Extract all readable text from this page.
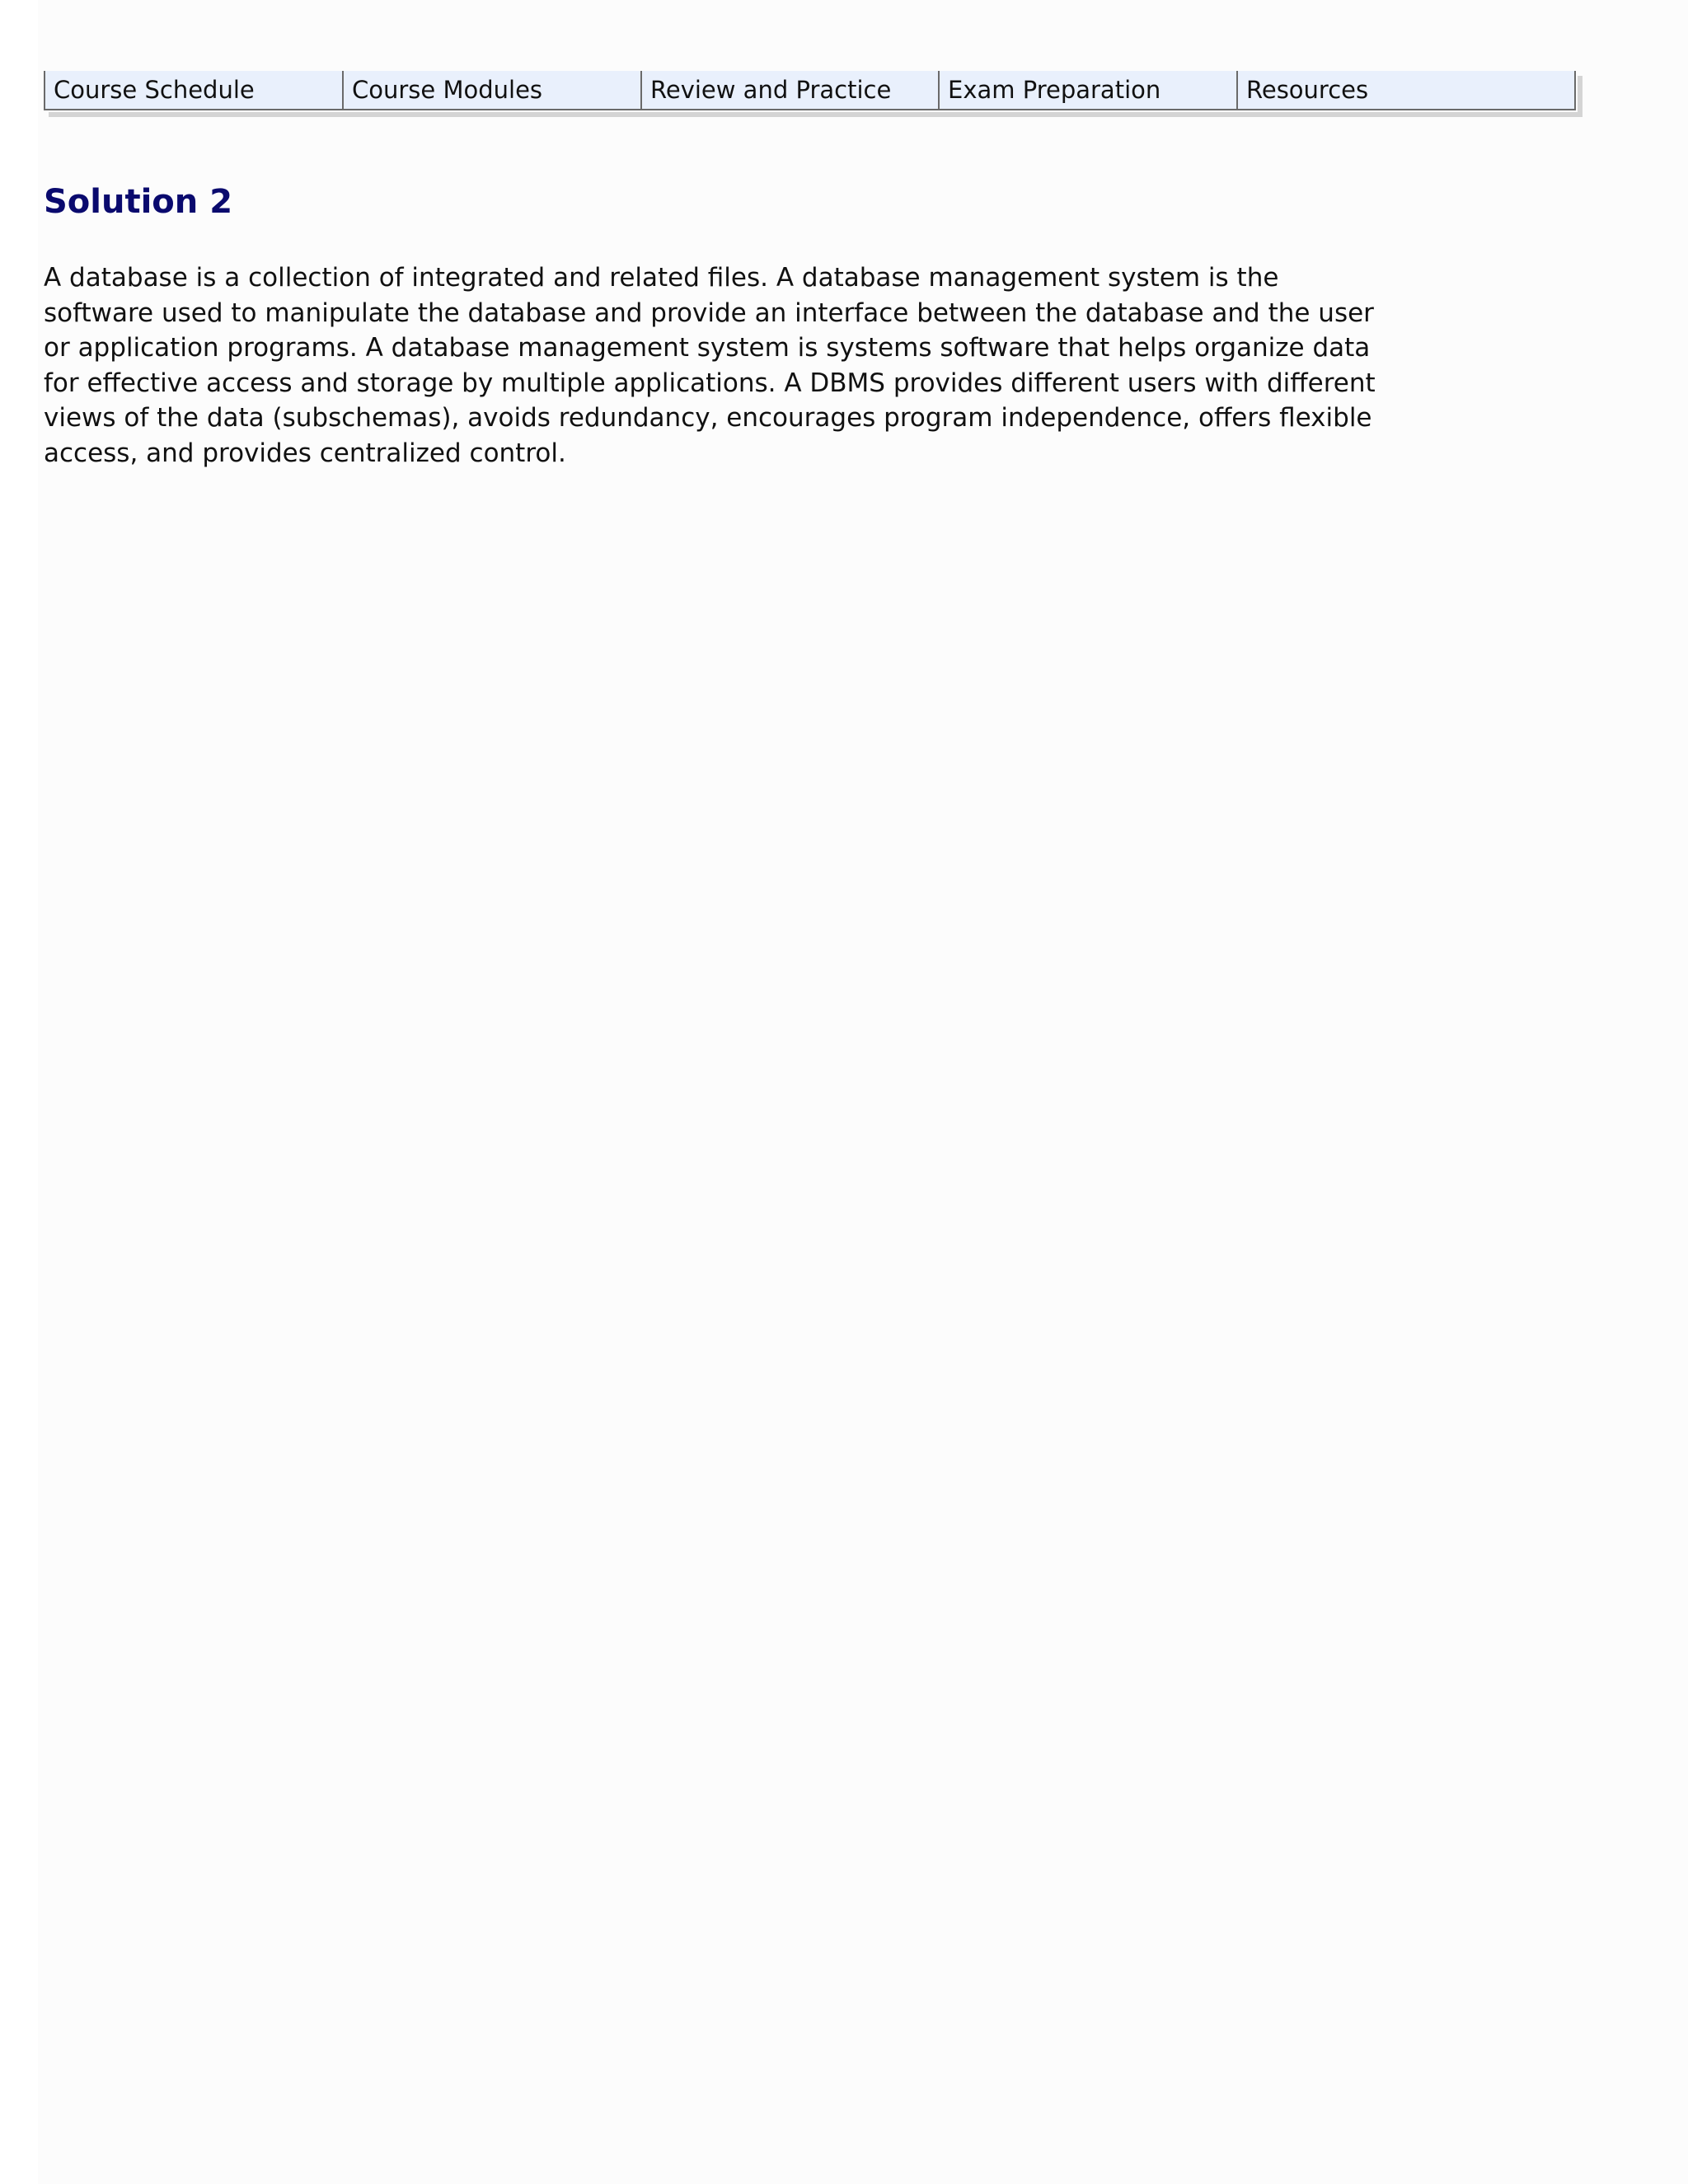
Course Schedule	Course Modules	Review and Practice	Exam Preparation	Resources
Solution 2

A database is a collection of integrated and related files. A database management system is the software used to manipulate the database and provide an interface between the database and the user or application programs. A database management system is systems software that helps organize data for effective access and storage by multiple applications. A DBMS provides different users with different views of the data (subschemas), avoids redundancy, encourages program independence, offers flexible access, and provides centralized control.
